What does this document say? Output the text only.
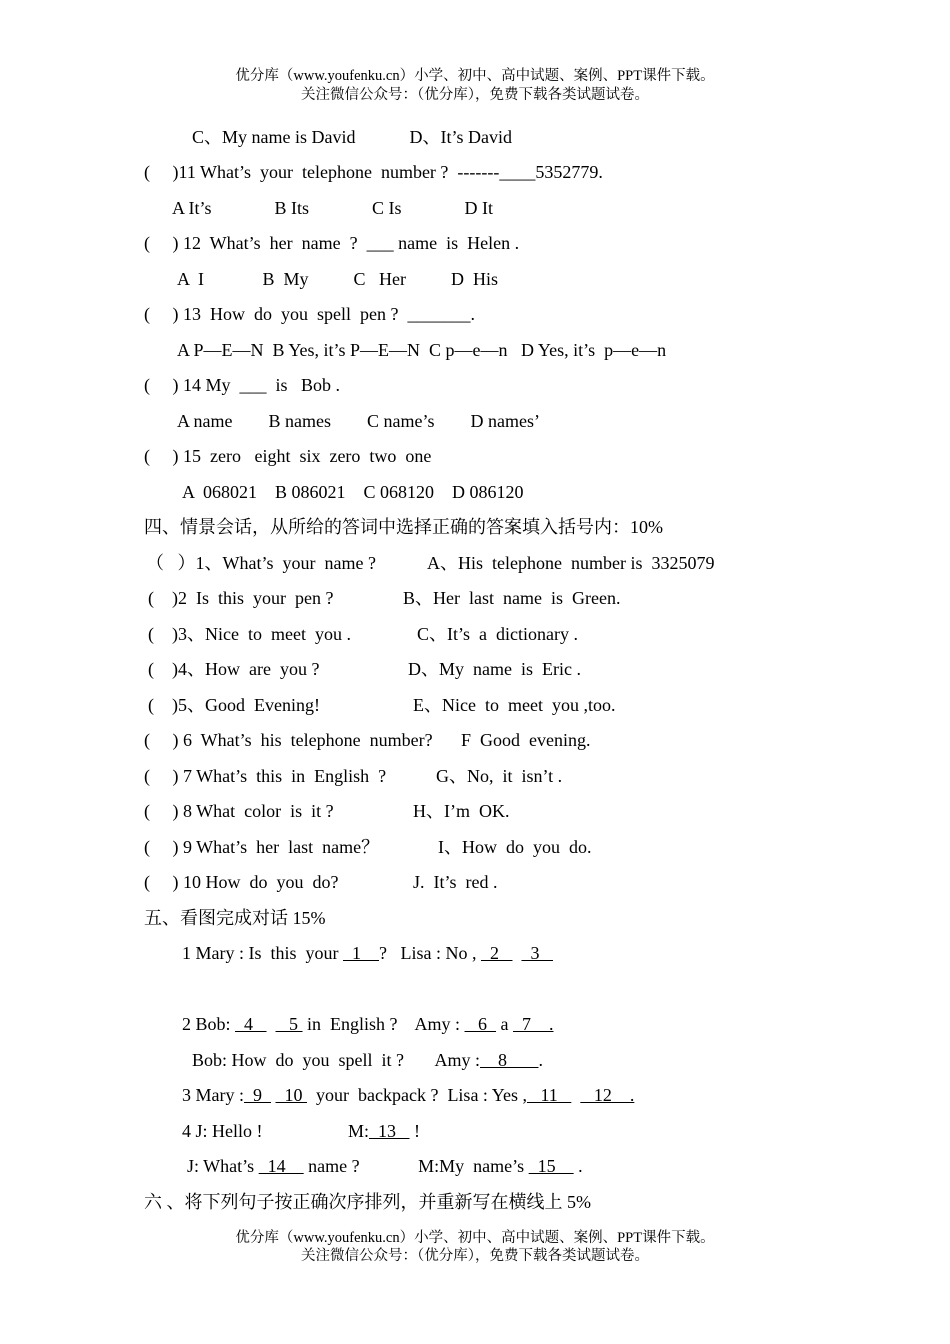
优分库（www.youfenku.cn）小学、初中、高中试题、案例、PPT课件下载。
关注微信公众号：（优分库），免费下载各类试题试卷。
C、My name is David            D、It’s David
(     )11 What’s  your  telephone  number ?  -------____5352779.
A It’s              B Its              C Is              D It
(     ) 12  What’s  her  name  ?  ___ name  is  Helen .
A  I             B  My          C   Her          D  His
(     ) 13  How  do  you  spell  pen ?  _______.
A P—E—N  B Yes, it’s P—E—N  C p—e—n   D Yes, it’s  p—e—n
(     ) 14 My  ___  is   Bob .
A name        B names        C name’s        D names’
(     ) 15  zero   eight  six  zero  two  one
A  068021    B 086021    C 068120    D 086120
四、情景会话，从所给的答词中选择正确的答案填入括号内：10%
（   ）1、What’s  your  name ?	A、His  telephone  number is  3325079
(    )2  Is  this  your  pen ?	B、Her  last  name  is  Green.
(    )3、Nice  to  meet  you .	C、It’s  a  dictionary .
(    )4、How  are  you ?	D、My  name  is  Eric .
(    )5、Good  Evening!	E、Nice  to  meet  you ,too.
(     ) 6  What’s  his  telephone  number? F  Good  evening.
(     ) 7 What’s  this  in  English  ?	G、No,  it  isn’t .
(     ) 8 What  color  is  it ?	H、I’m  OK.
(     ) 9 What’s  her  last  name？	I、How  do  you  do.
(     ) 10 How  do  you  do?	J.  It’s  red .
五、看图完成对话 15%
1 Mary : Is  this  your   1    ?   Lisa : No ,   2       3
2 Bob:   4        5  in  English ?    Amy :    6   a   7    .
Bob: How  do  you  spell  it ?       Amy :    8       .
3 Mary :  9     10   your  backpack ?  Lisa : Yes ,   11        12    .
4 J: Hello !                   M:  13    !
J: What’s   14     name ?             M:My  name’s   15     .
六 、将下列句子按正确次序排列，并重新写在横线上 5%
优分库（www.youfenku.cn）小学、初中、高中试题、案例、PPT课件下载。
关注微信公众号：（优分库），免费下载各类试题试卷。
